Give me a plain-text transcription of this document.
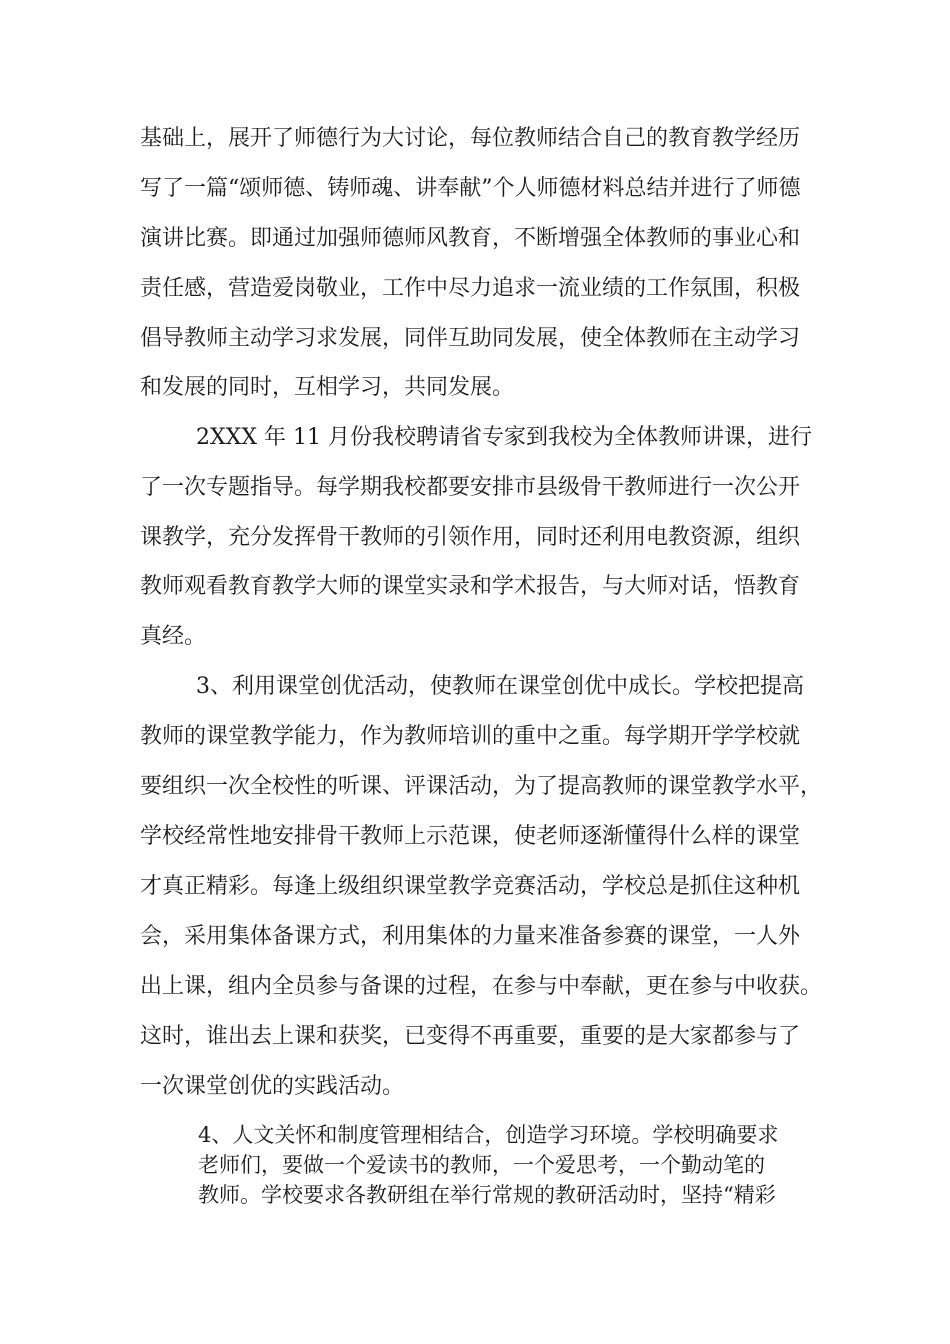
基础上，展开了师德行为大讨论，每位教师结合自己的教育教学经历
写了一篇“颂师德、铸师魂、讲奉献”个人师德材料总结并进行了师德
演讲比赛。即通过加强师德师风教育，不断增强全体教师的事业心和
责任感，营造爱岗敬业，工作中尽力追求一流业绩的工作氛围，积极
倡导教师主动学习求发展，同伴互助同发展，使全体教师在主动学习
和发展的同时，互相学习，共同发展。
2XXX 年 11 月份我校聘请省专家到我校为全体教师讲课，进行
了一次专题指导。每学期我校都要安排市县级骨干教师进行一次公开
课教学，充分发挥骨干教师的引领作用，同时还利用电教资源，组织
教师观看教育教学大师的课堂实录和学术报告，与大师对话，悟教育
真经。
3、利用课堂创优活动，使教师在课堂创优中成长。学校把提高
教师的课堂教学能力，作为教师培训的重中之重。每学期开学学校就
要组织一次全校性的听课、评课活动，为了提高教师的课堂教学水平，
学校经常性地安排骨干教师上示范课，使老师逐渐懂得什么样的课堂
才真正精彩。每逢上级组织课堂教学竞赛活动，学校总是抓住这种机
会，采用集体备课方式，利用集体的力量来准备参赛的课堂，一人外
出上课，组内全员参与备课的过程，在参与中奉献，更在参与中收获。
这时，谁出去上课和获奖，已变得不再重要，重要的是大家都参与了
一次课堂创优的实践活动。
4、人文关怀和制度管理相结合，创造学习环境。学校明确要求
老师们，要做一个爱读书的教师，一个爱思考，一个勤动笔的
教师。学校要求各教研组在举行常规的教研活动时，坚持“精彩
